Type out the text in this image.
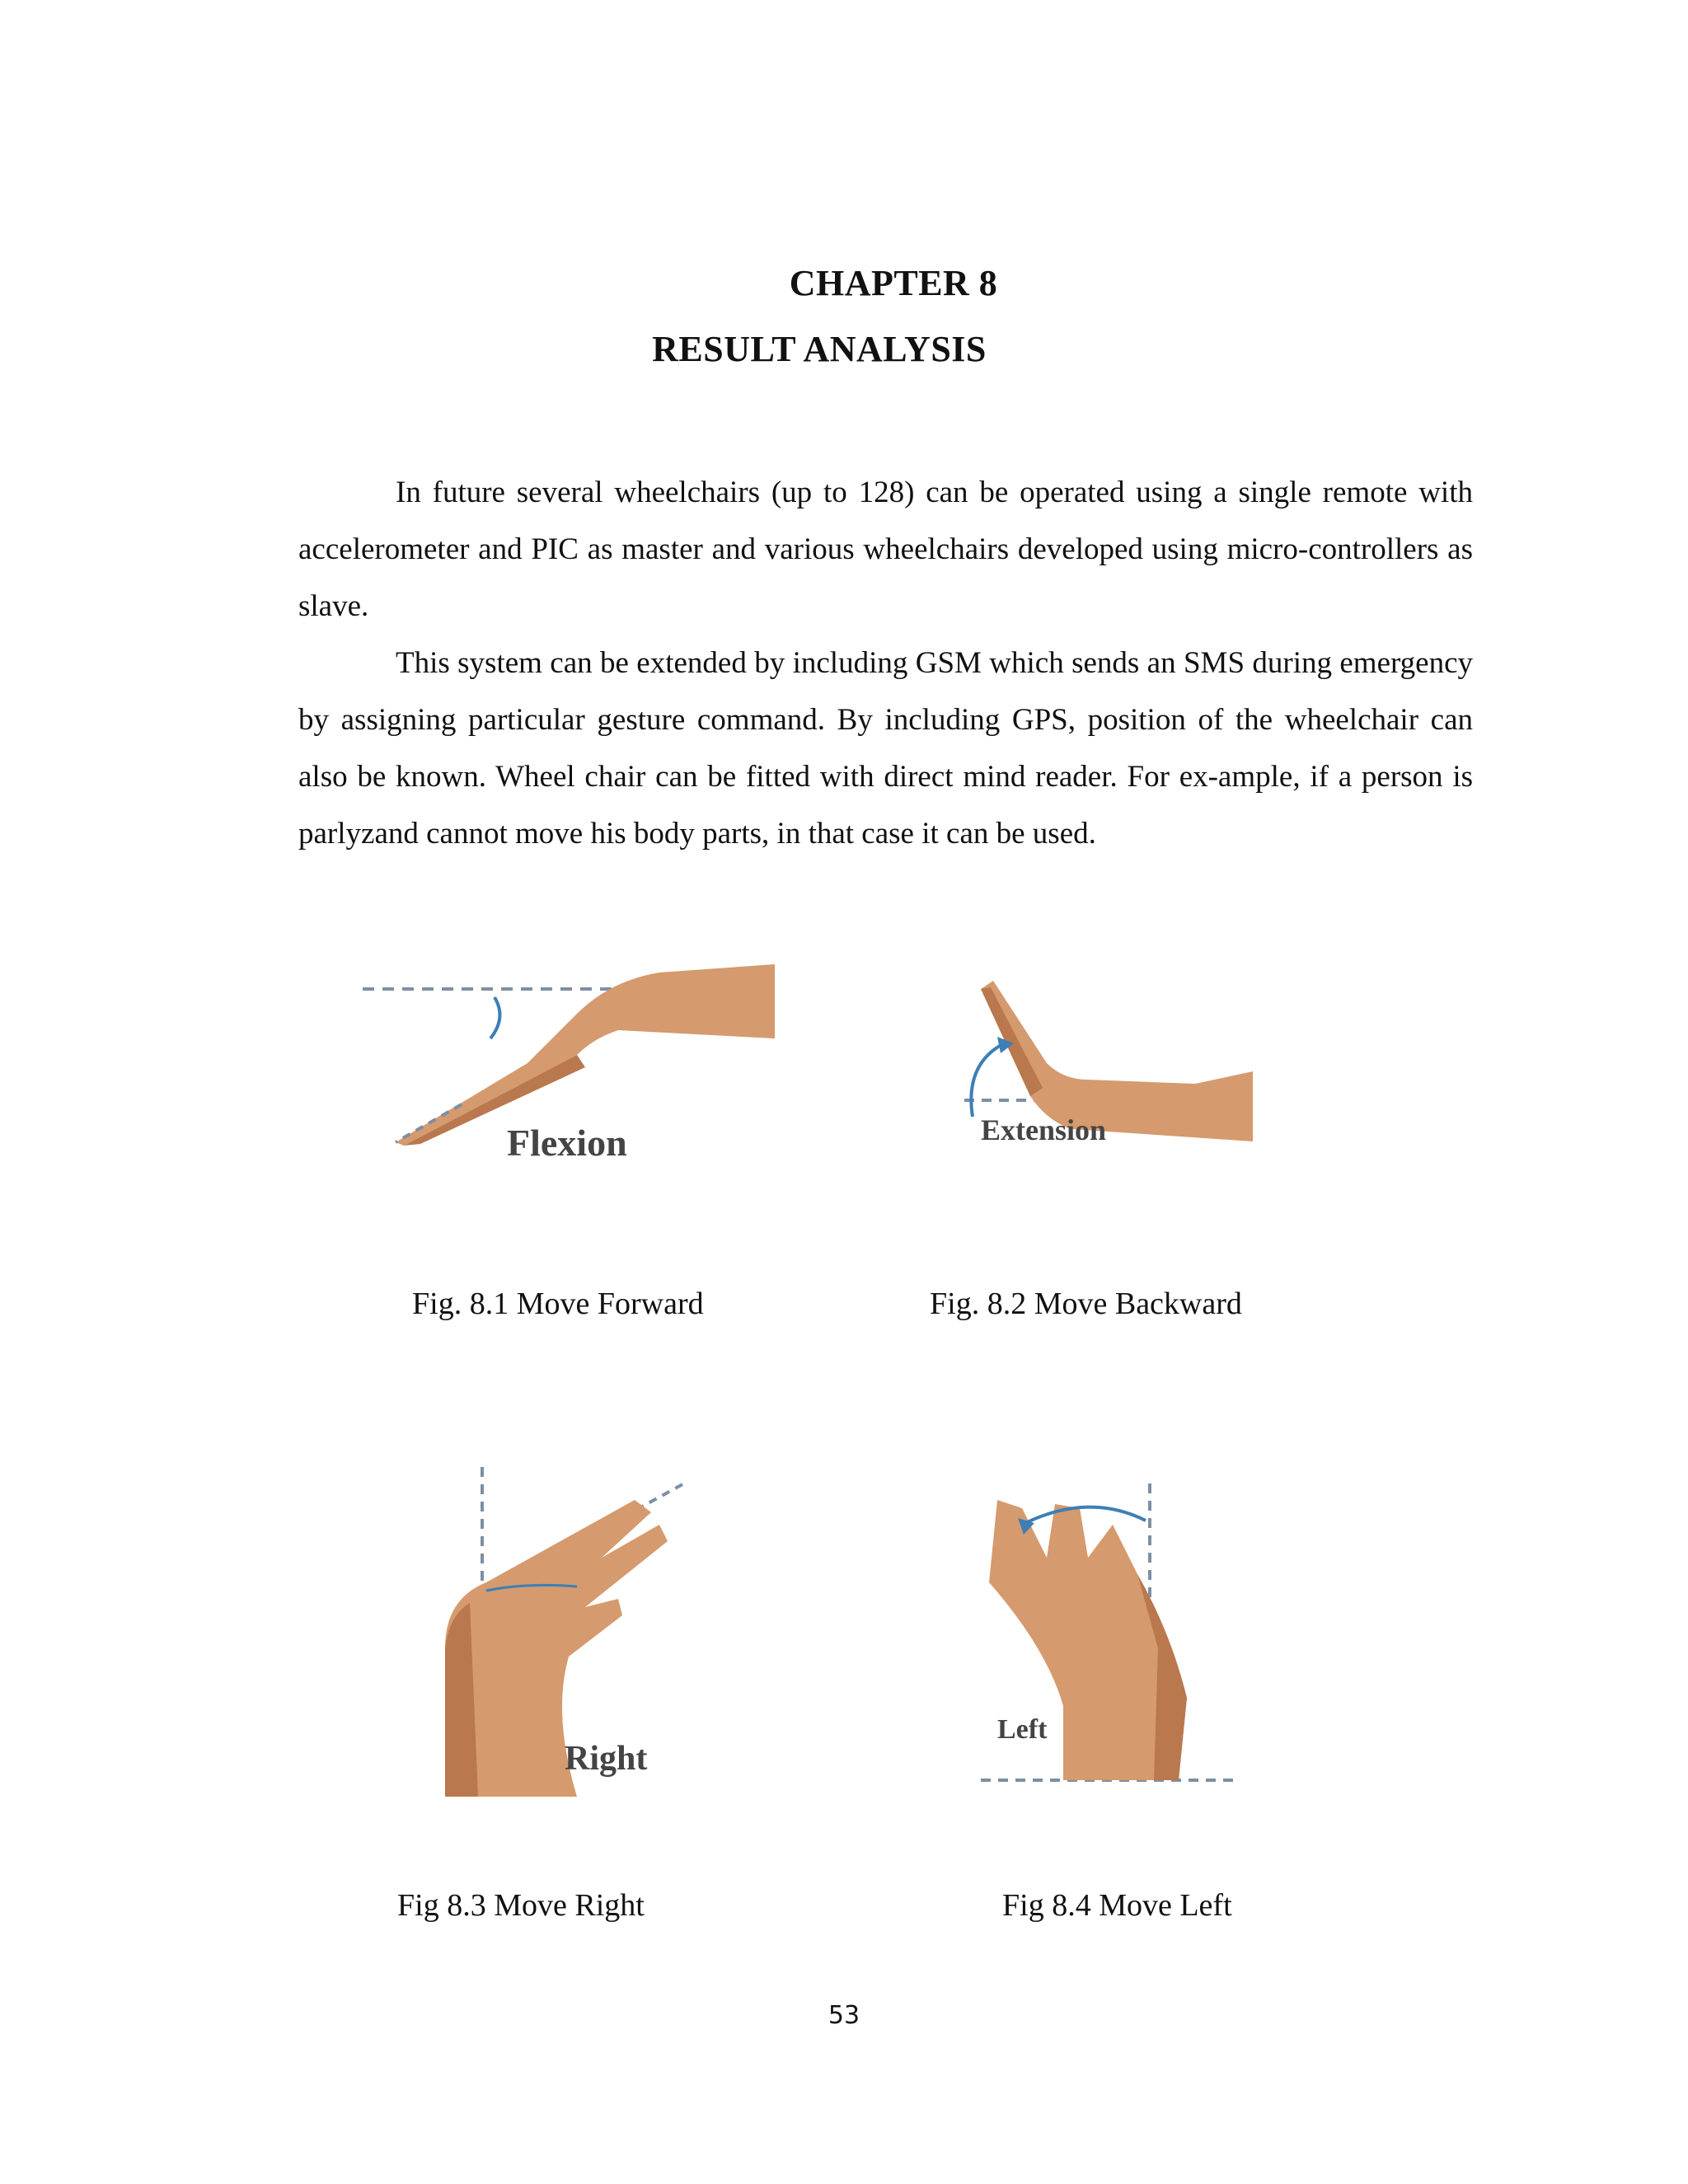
CHAPTER 8
RESULT ANALYSIS
In future several wheelchairs (up to 128) can be operated using a single remote with accelerometer and PIC as master and various wheelchairs developed using micro-controllers as slave.
This system can be extended by including GSM which sends an SMS during emergency by assigning particular gesture command. By including GPS, position of the wheelchair can also be known. Wheel chair can be fitted with direct mind reader. For ex-ample, if a person is parlyzand cannot move his body parts, in that case it can be used.
Flexion	Extension
Fig. 8.1 Move Forward	Fig. 8.2 Move Backward
Right
Left
Fig 8.3 Move Right	Fig 8.4 Move Left
53
